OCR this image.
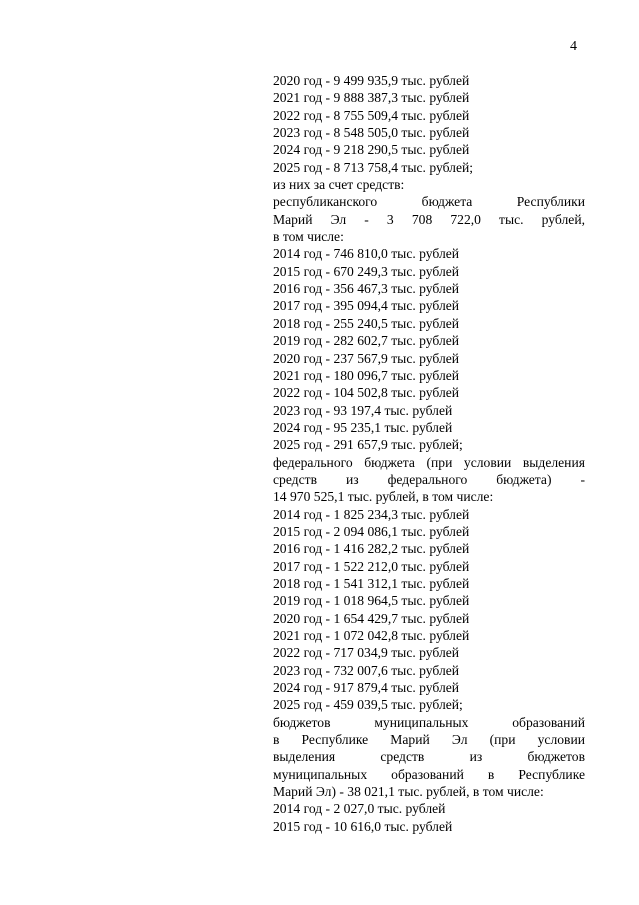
4
2020 год - 9 499 935,9 тыс. рублей
2021 год - 9 888 387,3 тыс. рублей
2022 год - 8 755 509,4 тыс. рублей
2023 год - 8 548 505,0 тыс. рублей
2024 год - 9 218 290,5 тыс. рублей
2025 год - 8 713 758,4 тыс. рублей;
из них за счет средств:
республиканского бюджета Республики
Марий Эл - 3 708 722,0 тыс. рублей,
в том числе:
2014 год - 746 810,0 тыс. рублей
2015 год - 670 249,3 тыс. рублей
2016 год - 356 467,3 тыс. рублей
2017 год - 395 094,4 тыс. рублей
2018 год - 255 240,5 тыс. рублей
2019 год - 282 602,7 тыс. рублей
2020 год - 237 567,9 тыс. рублей
2021 год - 180 096,7 тыс. рублей
2022 год - 104 502,8 тыс. рублей
2023 год - 93 197,4 тыс. рублей
2024 год - 95 235,1 тыс. рублей
2025 год - 291 657,9 тыс. рублей;
федерального бюджета (при условии выделения
средств из федерального бюджета) -
14 970 525,1 тыс. рублей, в том числе:
2014 год - 1 825 234,3 тыс. рублей
2015 год - 2 094 086,1 тыс. рублей
2016 год - 1 416 282,2 тыс. рублей
2017 год - 1 522 212,0 тыс. рублей
2018 год - 1 541 312,1 тыс. рублей
2019 год - 1 018 964,5 тыс. рублей
2020 год - 1 654 429,7 тыс. рублей
2021 год - 1 072 042,8 тыс. рублей
2022 год - 717 034,9 тыс. рублей
2023 год - 732 007,6 тыс. рублей
2024 год - 917 879,4 тыс. рублей
2025 год - 459 039,5 тыс. рублей;
бюджетов муниципальных образований
в Республике Марий Эл (при условии
выделения средств из бюджетов
муниципальных образований в Республике
Марий Эл) - 38 021,1 тыс. рублей, в том числе:
2014 год - 2 027,0 тыс. рублей
2015 год - 10 616,0 тыс. рублей
